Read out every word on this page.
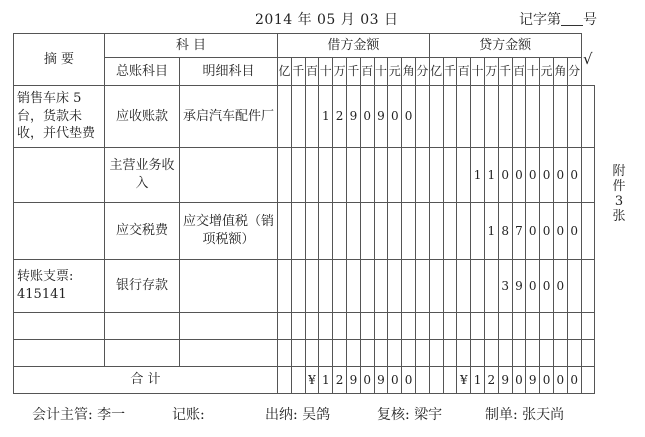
2014 年 05 月 03 日	记字第 号
摘 要	科 目		借方金额											贷方金额											√
	总账科目	明细科目	亿	千	百	十	万	千	百	十	元	角	分	亿	千	百	十	万	千	百	十	元	角	分	
销售车床 5 台，货款未收，并代垫费	应收账款	承启汽车配件厂				1	2	9	0	9	0	0													
	主营业务收入																1	1	0	0	0	0	0	0	
	应交税费	应交增值税（销项税额）																1	8	7	0	0	0	0	
转账支票: 415141	银行存款																		3	9	0	0	0		

合 计					¥	1	2	9	0	9	0	0				¥	1	2	9	0	9	0	0	0	
附
件
3
张
会计主管: 李一	记账:	出纳: 吴鸽	复核: 梁宇	制单: 张天尚
